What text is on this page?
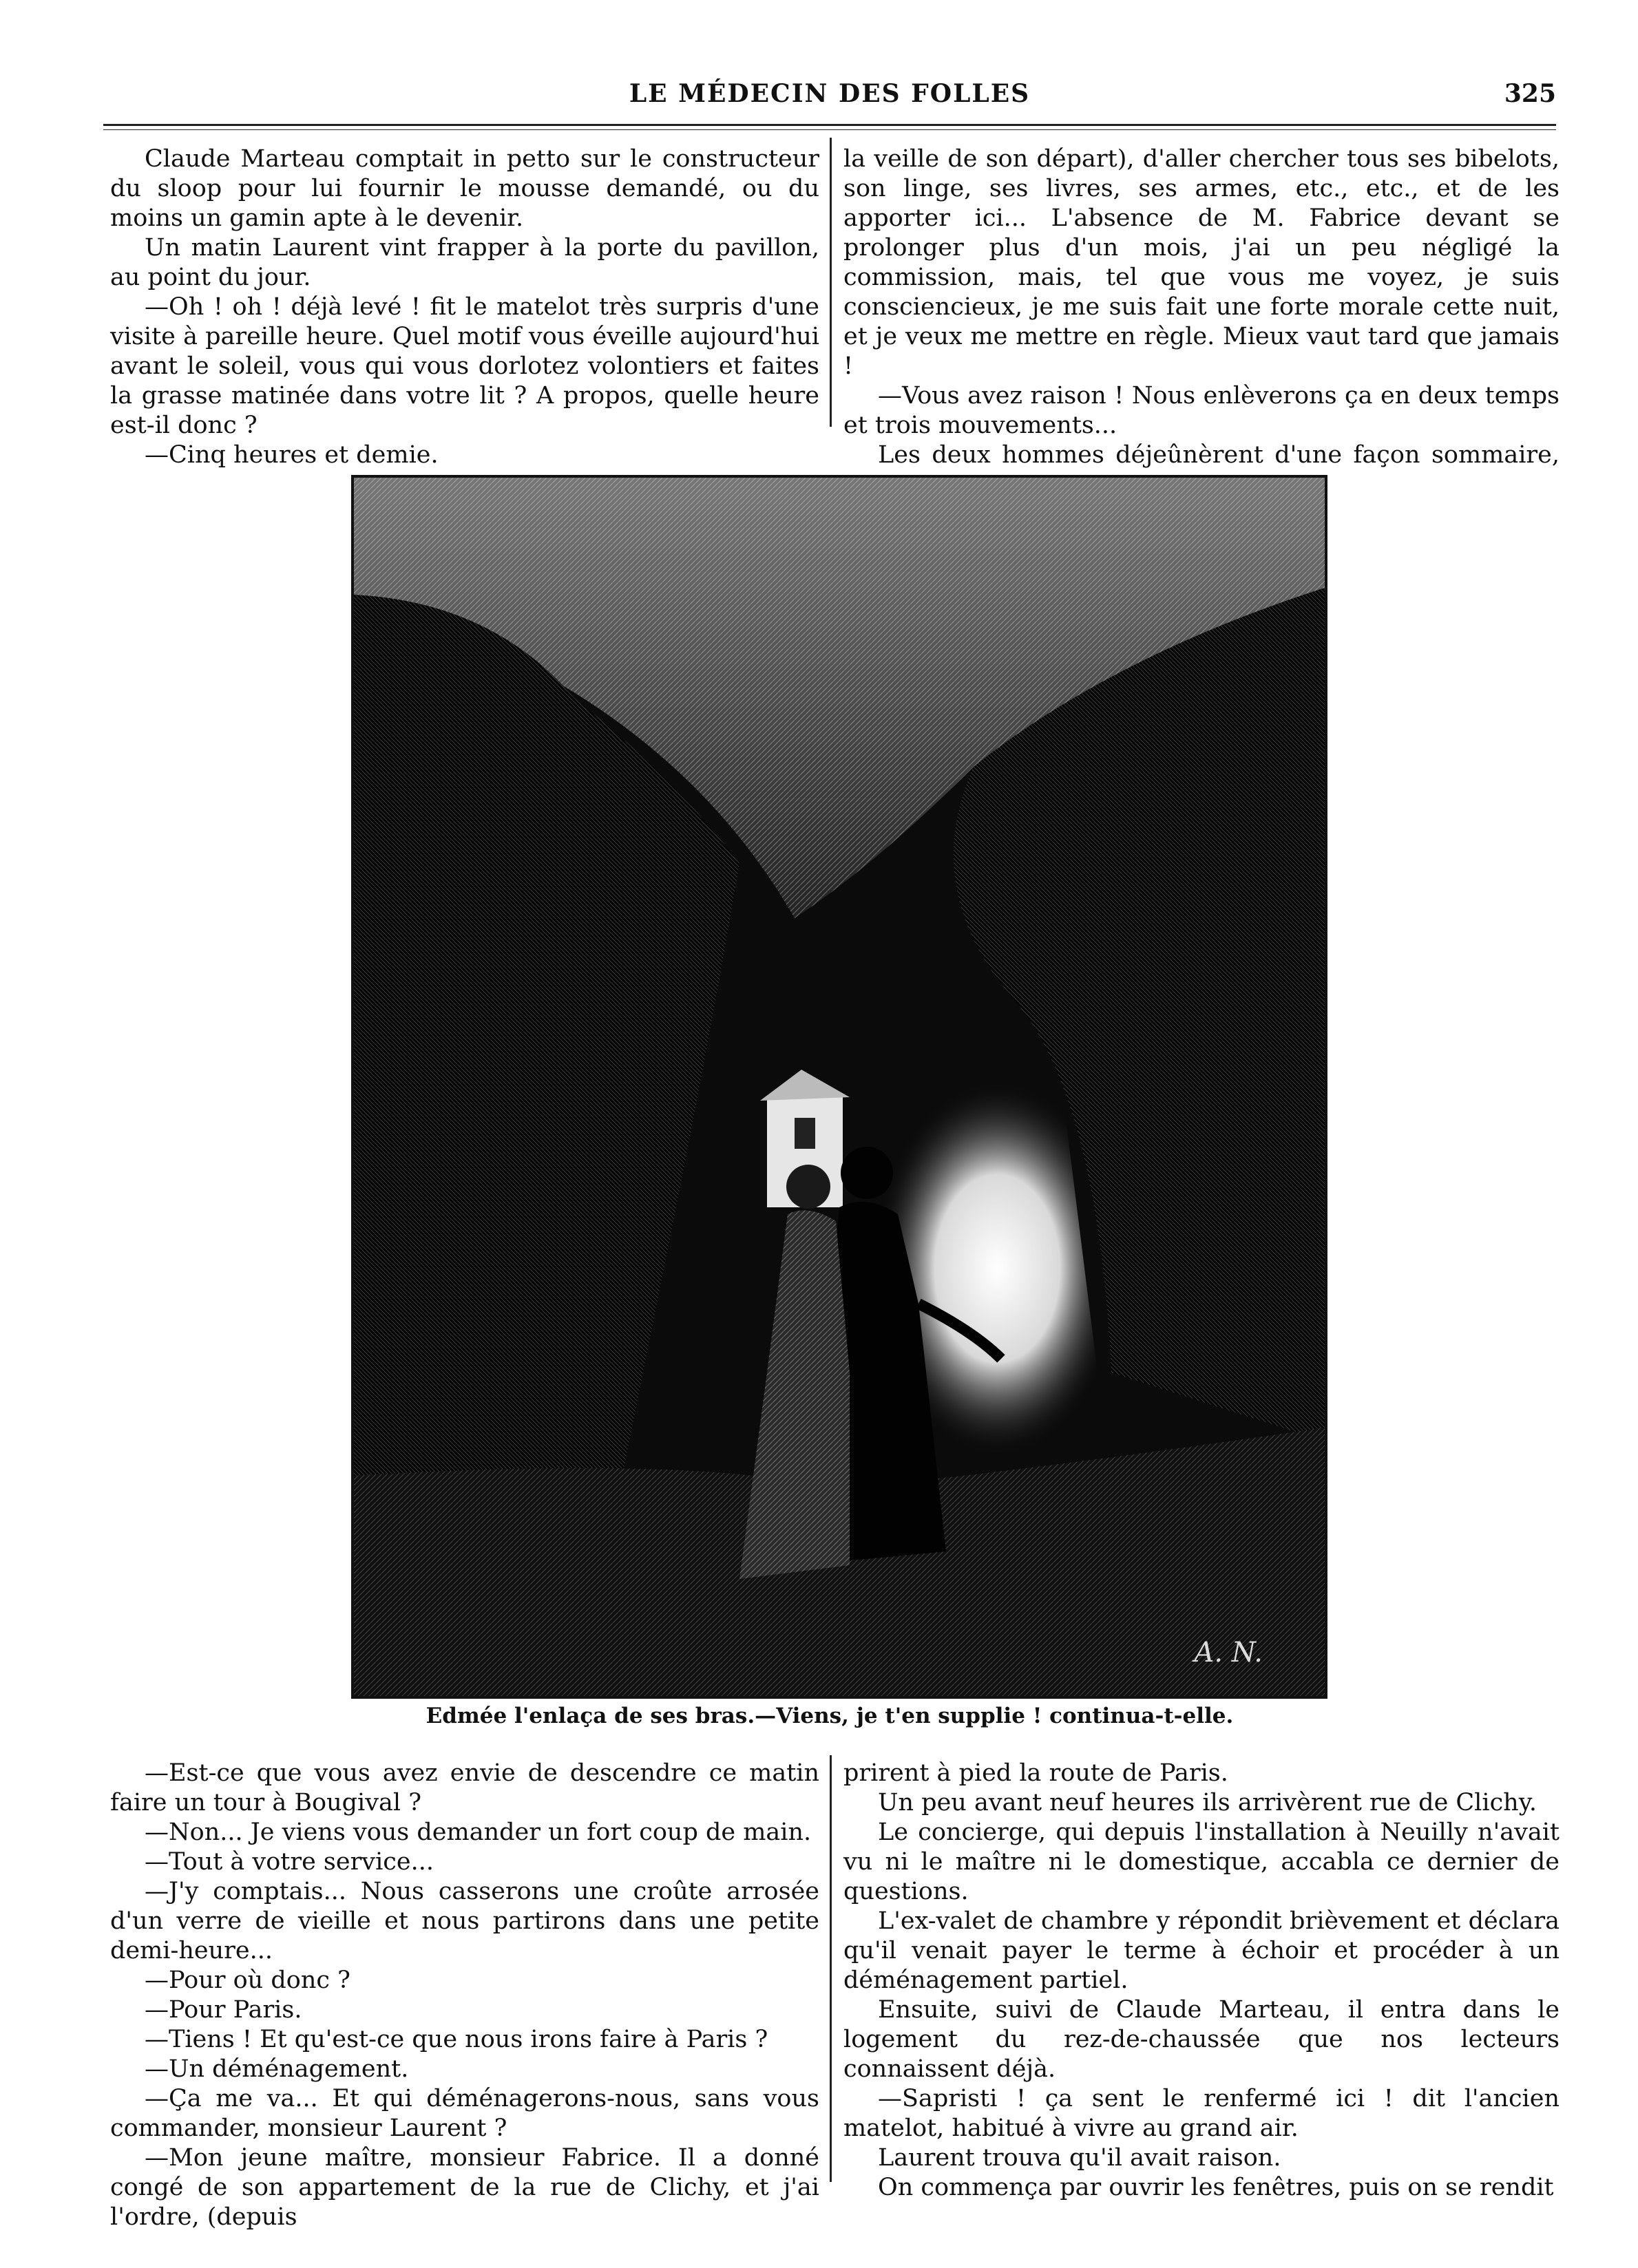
LE MÉDECIN DES FOLLES	325

Claude Marteau comptait in petto sur le constructeur du sloop pour lui fournir le mousse demandé, ou du moins un gamin apte à le devenir.

Un matin Laurent vint frapper à la porte du pavillon, au point du jour.

—Oh ! oh ! déjà levé ! fit le matelot très surpris d'une visite à pareille heure. Quel motif vous éveille aujourd'hui avant le soleil, vous qui vous dorlotez volontiers et faites la grasse matinée dans votre lit ? A propos, quelle heure est-il donc ?

—Cinq heures et demie.

la veille de son départ), d'aller chercher tous ses bibelots, son linge, ses livres, ses armes, etc., etc., et de les apporter ici... L'absence de M. Fabrice devant se prolonger plus d'un mois, j'ai un peu négligé la commission, mais, tel que vous me voyez, je suis consciencieux, je me suis fait une forte morale cette nuit, et je veux me mettre en règle. Mieux vaut tard que jamais !

—Vous avez raison ! Nous enlèverons ça en deux temps et trois mouvements...

Les deux hommes déjeûnèrent d'une façon sommaire,

A. N.
Edmée l'enlaça de ses bras.—Viens, je t'en supplie ! continua-t-elle.

—Est-ce que vous avez envie de descendre ce matin faire un tour à Bougival ?

—Non... Je viens vous demander un fort coup de main.

—Tout à votre service...

—J'y comptais... Nous casserons une croûte arrosée d'un verre de vieille et nous partirons dans une petite demi-heure...

—Pour où donc ?

—Pour Paris.

—Tiens ! Et qu'est-ce que nous irons faire à Paris ?

—Un déménagement.

—Ça me va... Et qui déménagerons-nous, sans vous commander, monsieur Laurent ?

—Mon jeune maître, monsieur Fabrice. Il a donné congé de son appartement de la rue de Clichy, et j'ai l'ordre, (depuis

prirent à pied la route de Paris.

Un peu avant neuf heures ils arrivèrent rue de Clichy.

Le concierge, qui depuis l'installation à Neuilly n'avait vu ni le maître ni le domestique, accabla ce dernier de questions.

L'ex-valet de chambre y répondit brièvement et déclara qu'il venait payer le terme à échoir et procéder à un déménagement partiel.

Ensuite, suivi de Claude Marteau, il entra dans le logement du rez-de-chaussée que nos lecteurs connaissent déjà.

—Sapristi ! ça sent le renfermé ici ! dit l'ancien matelot, habitué à vivre au grand air.

Laurent trouva qu'il avait raison.

On commença par ouvrir les fenêtres, puis on se rendit
